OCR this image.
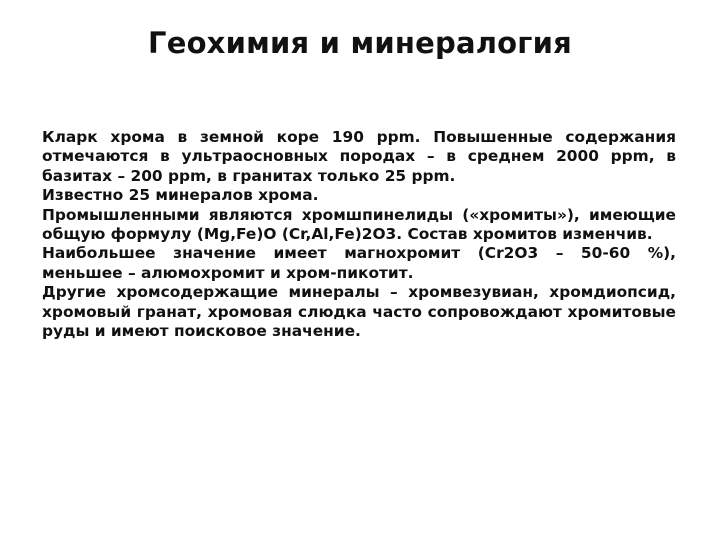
Геохимия и минералогия

Кларк хрома в земной коре 190 ppm. Повышенные содержания отмечаются в ультраосновных породах – в среднем 2000 ppm, в базитах – 200 ppm, в гранитах только 25 ppm.

Известно 25 минералов хрома.

Промышленными являются хромшпинелиды («хромиты»), имеющие общую формулу (Mg,Fe)O (Cr,Al,Fe)2O3. Состав хромитов изменчив.

Наибольшее значение имеет магнохромит (Cr2O3 – 50-60 %), меньшее – алюмохромит и хром-пикотит.

Другие хромсодержащие минералы – хромвезувиан, хромдиопсид, хромовый гранат, хромовая слюдка часто сопровождают хромитовые руды и имеют поисковое значение.
